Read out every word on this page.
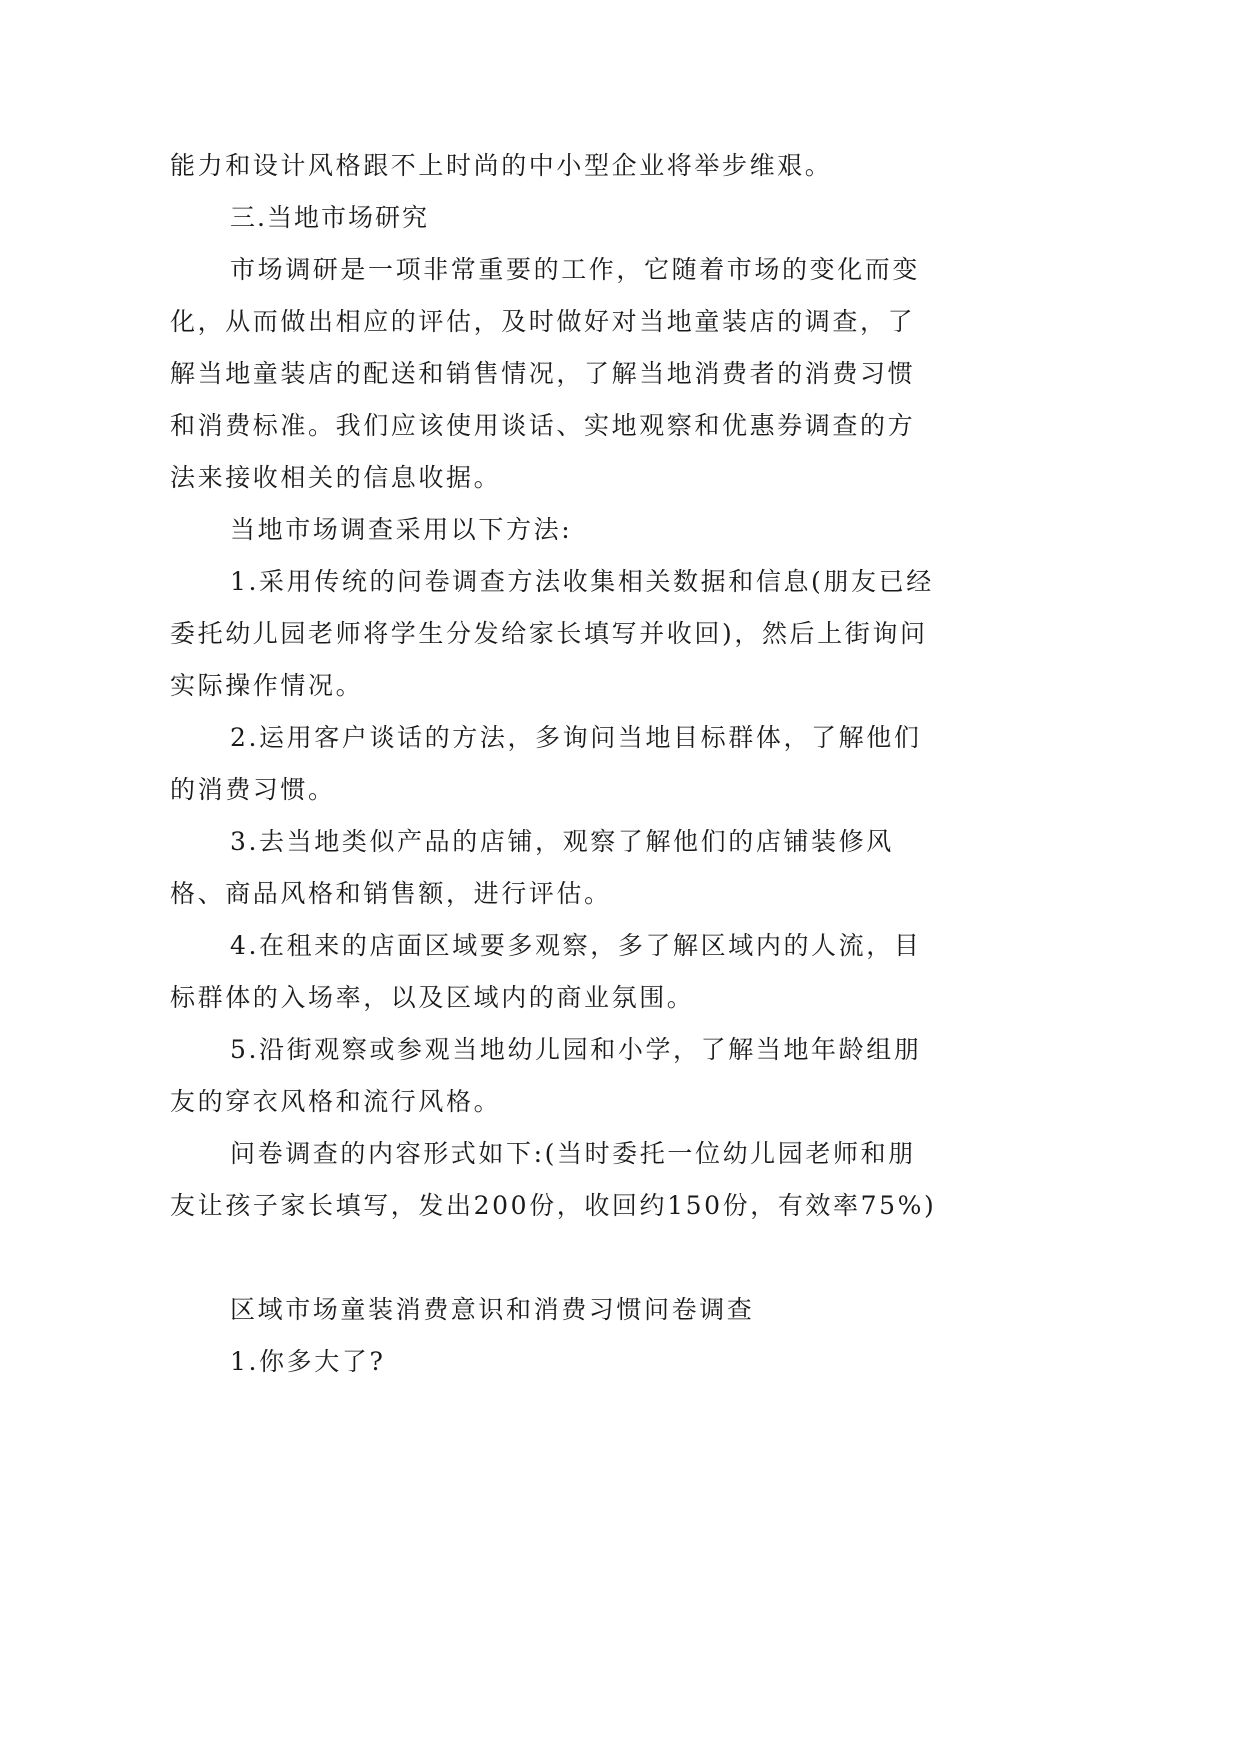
能力和设计风格跟不上时尚的中小型企业将举步维艰。

三.当地市场研究

市场调研是一项非常重要的工作，它随着市场的变化而变化，从而做出相应的评估，及时做好对当地童装店的调查，了解当地童装店的配送和销售情况，了解当地消费者的消费习惯和消费标准。我们应该使用谈话、实地观察和优惠券调查的方法来接收相关的信息收据。

当地市场调查采用以下方法:

1.采用传统的问卷调查方法收集相关数据和信息(朋友已经委托幼儿园老师将学生分发给家长填写并收回)，然后上街询问实际操作情况。

2.运用客户谈话的方法，多询问当地目标群体，了解他们的消费习惯。

3.去当地类似产品的店铺，观察了解他们的店铺装修风格、商品风格和销售额，进行评估。

4.在租来的店面区域要多观察，多了解区域内的人流，目标群体的入场率，以及区域内的商业氛围。

5.沿街观察或参观当地幼儿园和小学，了解当地年龄组朋友的穿衣风格和流行风格。

问卷调查的内容形式如下:(当时委托一位幼儿园老师和朋友让孩子家长填写，发出200份，收回约150份，有效率75%)

区域市场童装消费意识和消费习惯问卷调查

1.你多大了?
